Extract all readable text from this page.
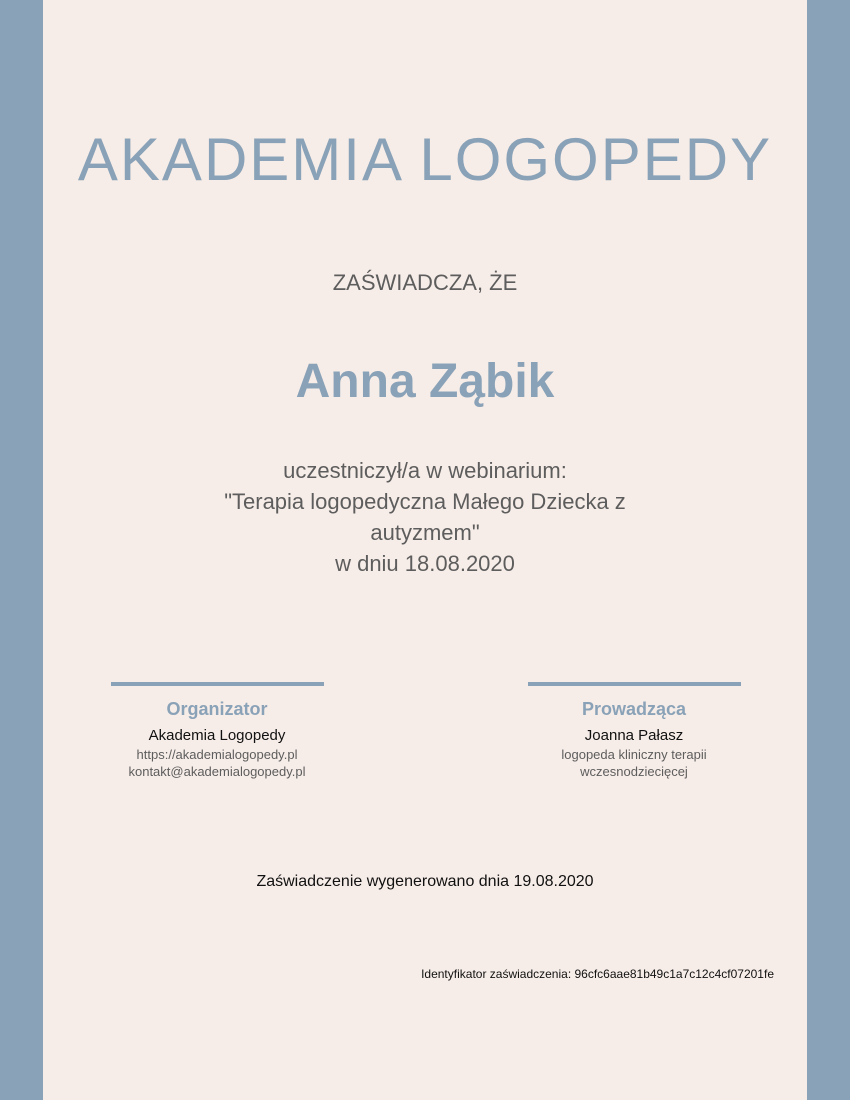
AKADEMIA LOGOPEDY
ZAŚWIADCZA, ŻE
Anna Ząbik
uczestniczył/a w webinarium:
"Terapia logopedyczna Małego Dziecka z
autyzmem"
w dniu 18.08.2020
Organizator
Akademia Logopedy
https://akademialogopedy.pl
kontakt@akademialogopedy.pl
Prowadząca
Joanna Pałasz
logopeda kliniczny terapii
wczesnodziecięcej
Zaświadczenie wygenerowano dnia 19.08.2020
Identyfikator zaświadczenia: 96cfc6aae81b49c1a7c12c4cf07201fe
